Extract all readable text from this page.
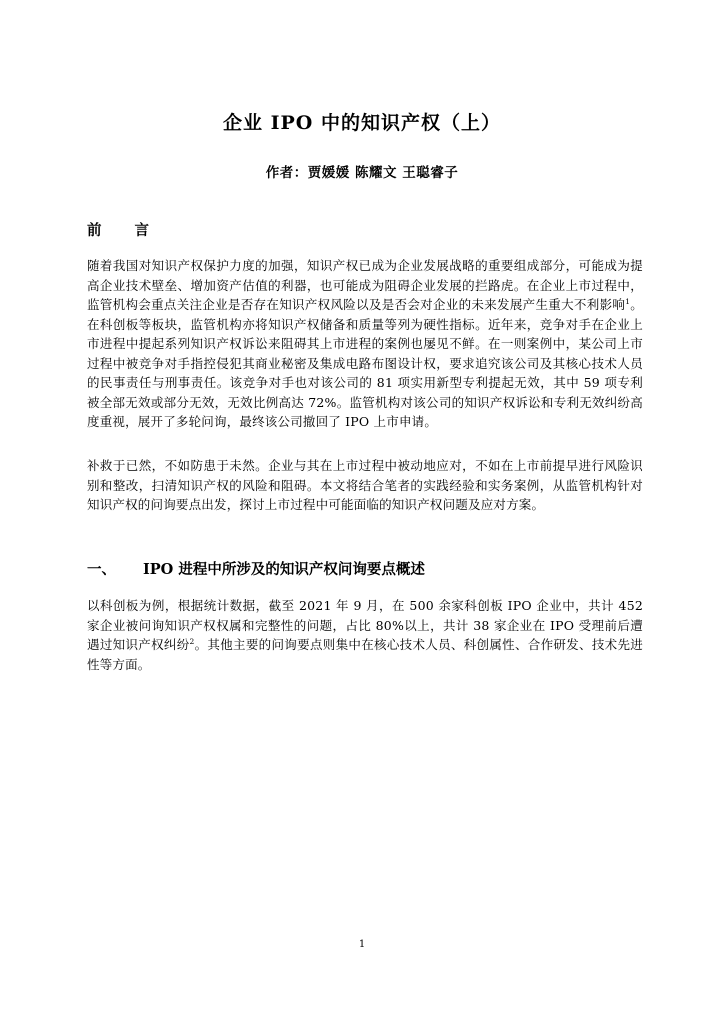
企业 IPO 中的知识产权（上）
作者：贾媛媛 陈耀文 王聪睿子
前 言

随着我国对知识产权保护力度的加强，知识产权已成为企业发展战略的重要组成部分，可能成为提高企业技术壁垒、增加资产估值的利器，也可能成为阻碍企业发展的拦路虎。在企业上市过程中，监管机构会重点关注企业是否存在知识产权风险以及是否会对企业的未来发展产生重大不利影响$^1$。在科创板等板块，监管机构亦将知识产权储备和质量等列为硬性指标。近年来，竞争对手在企业上市进程中提起系列知识产权诉讼来阻碍其上市进程的案例也屡见不鲜。在一则案例中，某公司上市过程中被竞争对手指控侵犯其商业秘密及集成电路布图设计权，要求追究该公司及其核心技术人员的民事责任与刑事责任。该竞争对手也对该公司的 81 项实用新型专利提起无效，其中 59 项专利被全部无效或部分无效，无效比例高达 72%。监管机构对该公司的知识产权诉讼和专利无效纠纷高度重视，展开了多轮问询，最终该公司撤回了 IPO 上市申请。

补救于已然，不如防患于未然。企业与其在上市过程中被动地应对，不如在上市前提早进行风险识别和整改，扫清知识产权的风险和阻碍。本文将结合笔者的实践经验和实务案例，从监管机构针对知识产权的问询要点出发，探讨上市过程中可能面临的知识产权问题及应对方案。

一、 IPO 进程中所涉及的知识产权问询要点概述

以科创板为例，根据统计数据，截至 2021 年 9 月，在 500 余家科创板 IPO 企业中，共计 452 家企业被问询知识产权权属和完整性的问题，占比 80%以上，共计 38 家企业在 IPO 受理前后遭遇过知识产权纠纷$^2$。其他主要的问询要点则集中在核心技术人员、科创属性、合作研发、技术先进性等方面。

1
